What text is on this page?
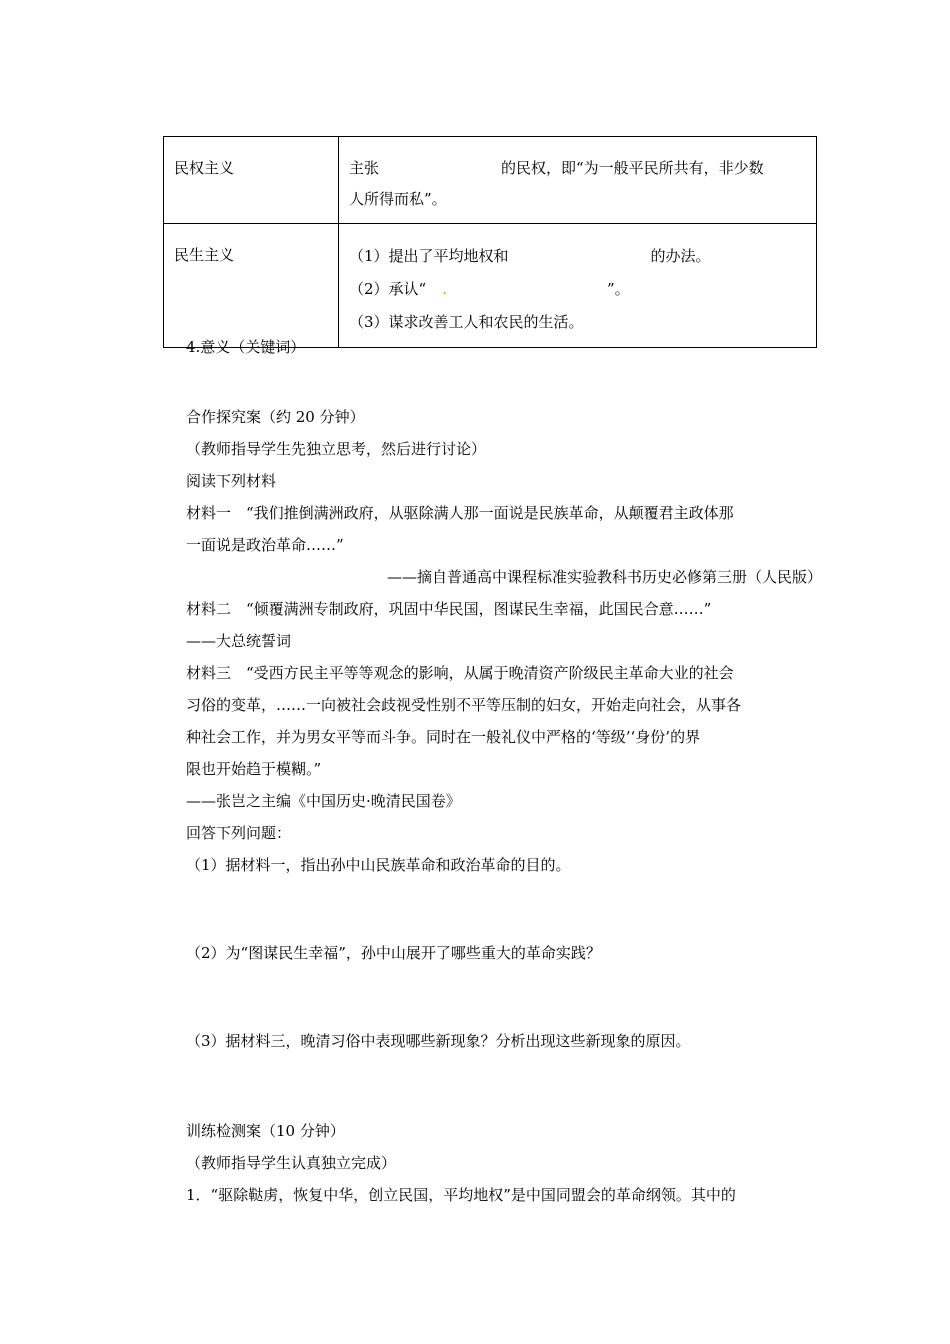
民权主义	主张 的民权，即“为一般平民所共有，非少数
人所得而私”。
民生主义	（1）提出了平均地权和 的办法。
（2）承认“ . ”。
（3）谋求改善工人和农民的生活。
4.意义（关键词）
合作探究案（约 20 分钟）
（教师指导学生先独立思考，然后进行讨论）
阅读下列材料
材料一　“我们推倒满洲政府，从驱除满人那一面说是民族革命，从颠覆君主政体那
一面说是政治革命……”
——摘自普通高中课程标准实验教科书历史必修第三册（人民版）
材料二　“倾覆满洲专制政府，巩固中华民国，图谋民生幸福，此国民合意……”
——大总统誓词
材料三　“受西方民主平等等观念的影响，从属于晚清资产阶级民主革命大业的社会
习俗的变革，……一向被社会歧视受性别不平等压制的妇女，开始走向社会，从事各
种社会工作，并为男女平等而斗争。同时在一般礼仪中严格的‘等级’‘身份’的界
限也开始趋于模糊。”
——张岂之主编《中国历史·晚清民国卷》
回答下列问题：
（1）据材料一，指出孙中山民族革命和政治革命的目的。
（2）为“图谋民生幸福”，孙中山展开了哪些重大的革命实践？
（3）据材料三，晚清习俗中表现哪些新现象？分析出现这些新现象的原因。
训练检测案（10 分钟）
（教师指导学生认真独立完成）
1．“驱除鞑虏，恢复中华，创立民国，平均地权”是中国同盟会的革命纲领。其中的
